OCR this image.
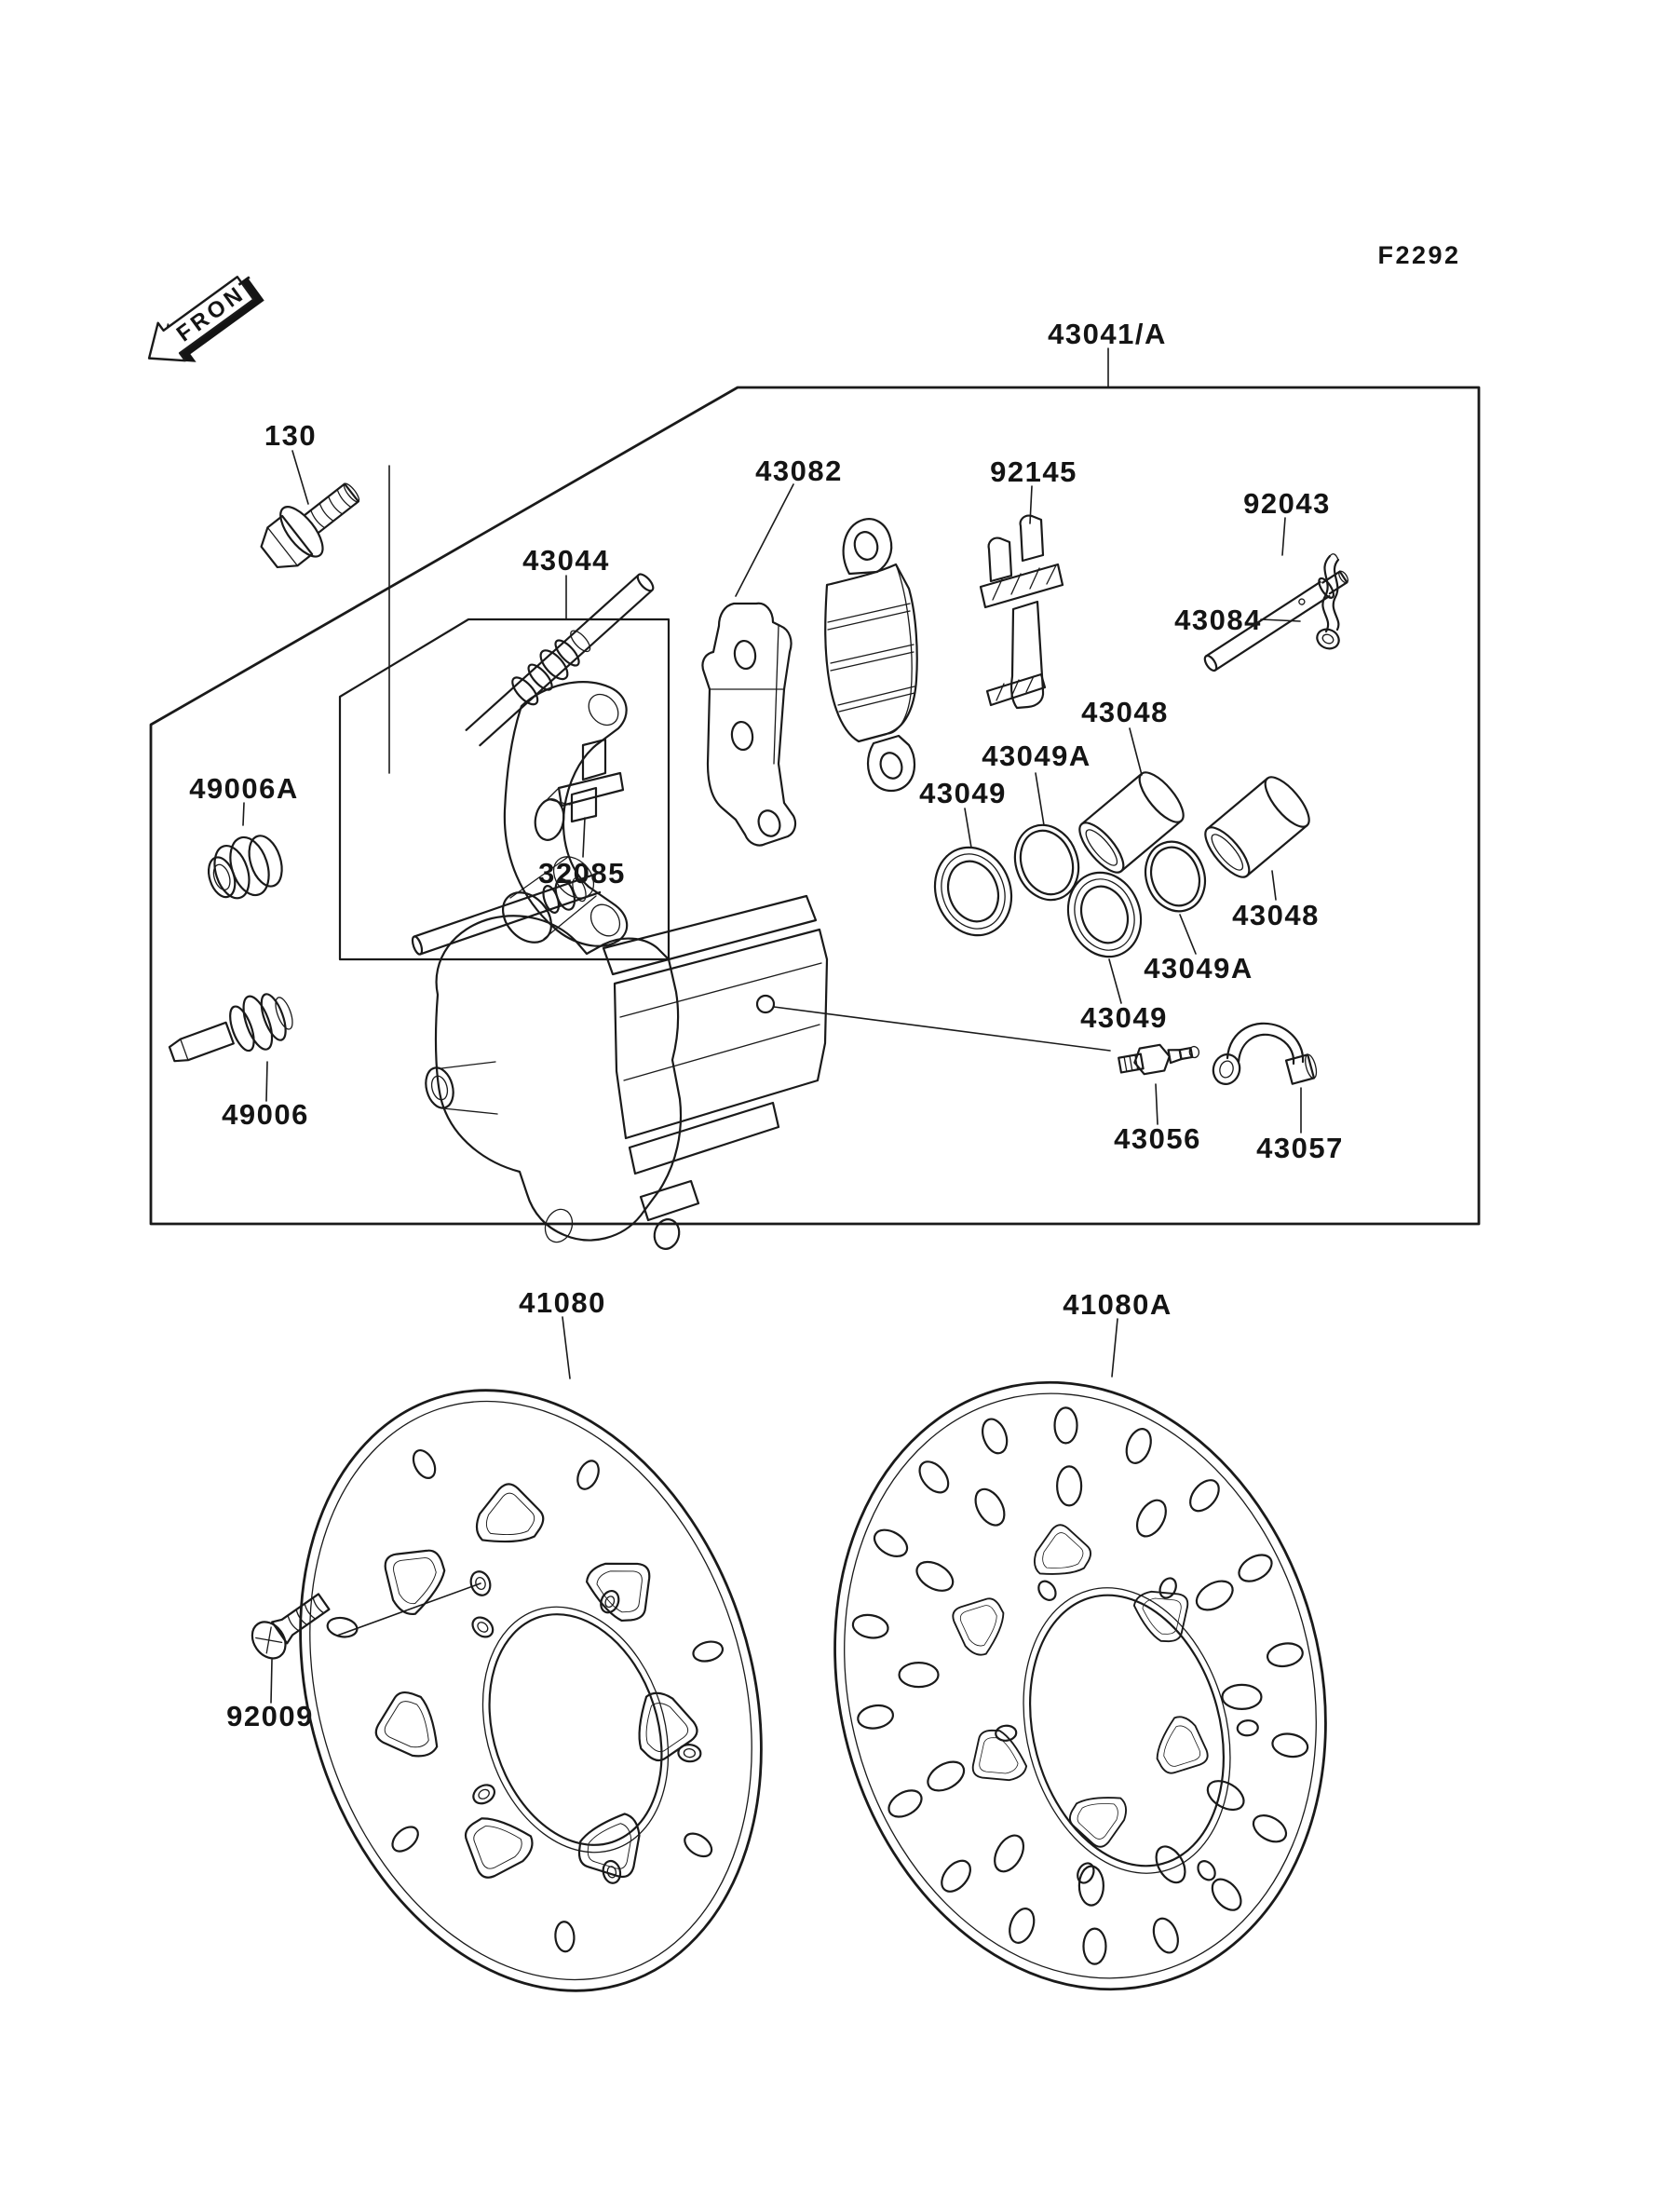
F2292
FRONT
130
43041/A
43082	92145
92043
43084
43044
49006A
32085
43049A
43049
43048
43048
43049A
43049
43056 43057
49006
41080	41080A
92009
